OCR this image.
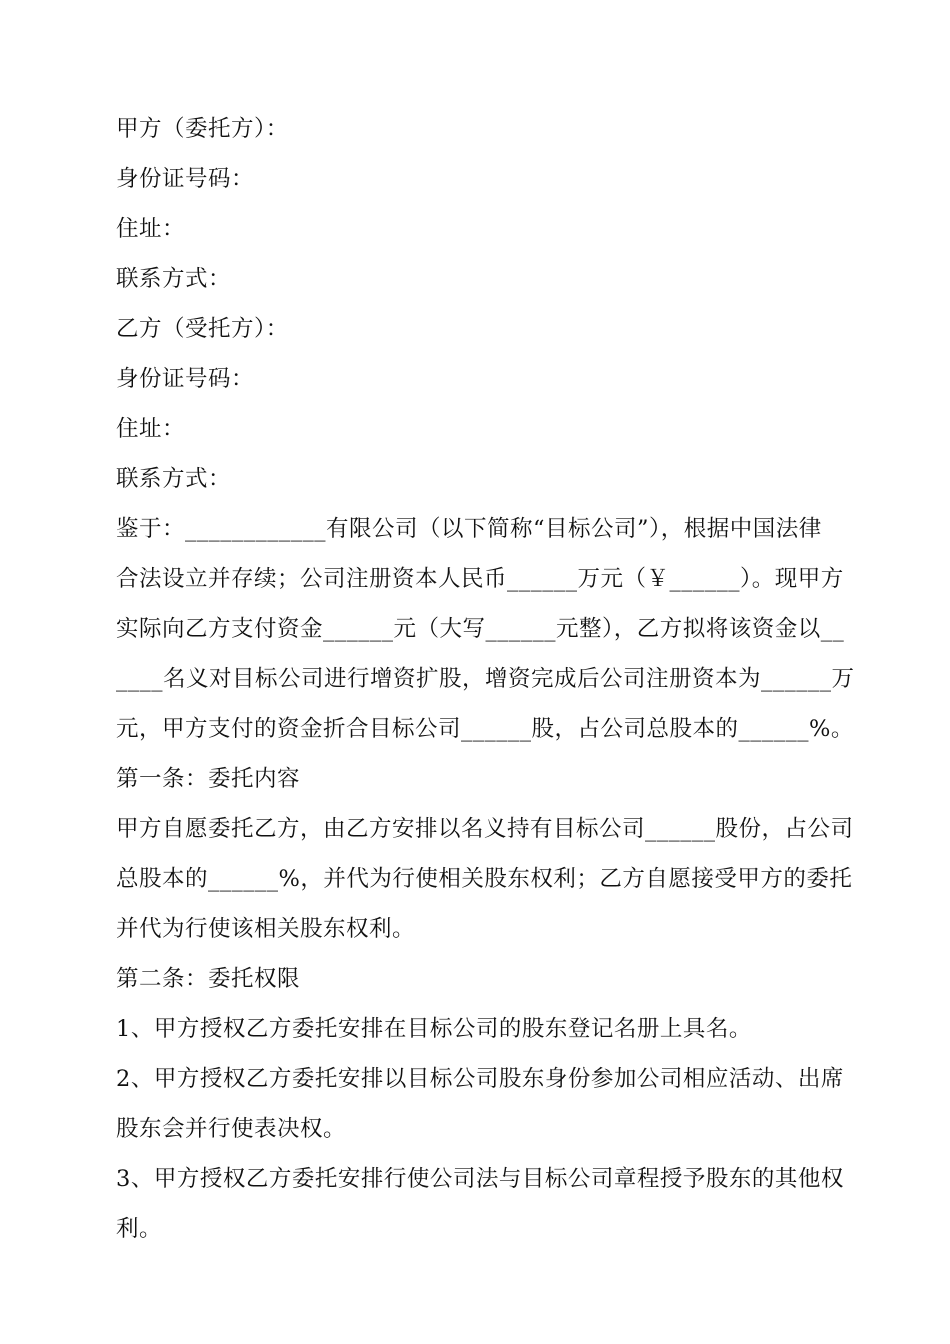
甲方（委托方）：
身份证号码：
住址：
联系方式：
乙方（受托方）：
身份证号码：
住址：
联系方式：
鉴于：____________有限公司（以下简称“目标公司”），根据中国法律
合法设立并存续；公司注册资本人民币______万元（￥______）。现甲方
实际向乙方支付资金______元（大写______元整），乙方拟将该资金以__
____名义对目标公司进行增资扩股，增资完成后公司注册资本为______万
元，甲方支付的资金折合目标公司______股，占公司总股本的______%。
第一条：委托内容
甲方自愿委托乙方，由乙方安排以名义持有目标公司______股份，占公司
总股本的______%，并代为行使相关股东权利；乙方自愿接受甲方的委托
并代为行使该相关股东权利。
第二条：委托权限
1、甲方授权乙方委托安排在目标公司的股东登记名册上具名。
2、甲方授权乙方委托安排以目标公司股东身份参加公司相应活动、出席
股东会并行使表决权。
3、甲方授权乙方委托安排行使公司法与目标公司章程授予股东的其他权
利。
